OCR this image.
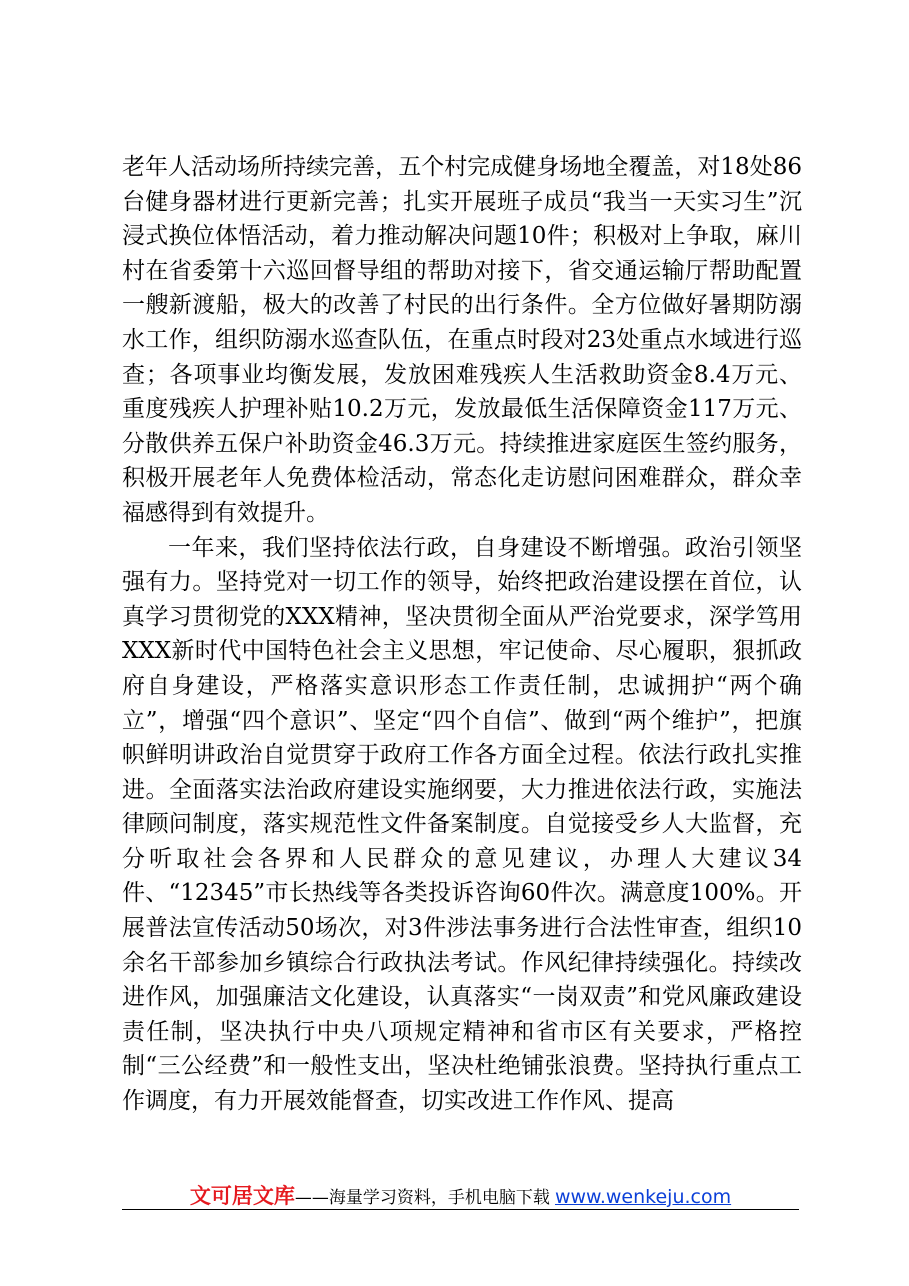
老年人活动场所持续完善，五个村完成健身场地全覆盖，对18处86台健身器材进行更新完善；扎实开展班子成员“我当一天实习生”沉浸式换位体悟活动，着力推动解决问题10件；积极对上争取，麻川村在省委第十六巡回督导组的帮助对接下，省交通运输厅帮助配置一艘新渡船，极大的改善了村民的出行条件。全方位做好暑期防溺水工作，组织防溺水巡查队伍，在重点时段对23处重点水域进行巡查；各项事业均衡发展，发放困难残疾人生活救助资金8.4万元、重度残疾人护理补贴10.2万元，发放最低生活保障资金117万元、分散供养五保户补助资金46.3万元。持续推进家庭医生签约服务，积极开展老年人免费体检活动，常态化走访慰问困难群众，群众幸福感得到有效提升。

一年来，我们坚持依法行政，自身建设不断增强。政治引领坚强有力。坚持党对一切工作的领导，始终把政治建设摆在首位，认真学习贯彻党的XXX精神，坚决贯彻全面从严治党要求，深学笃用XXX新时代中国特色社会主义思想，牢记使命、尽心履职，狠抓政府自身建设，严格落实意识形态工作责任制，忠诚拥护“两个确立”，增强“四个意识”、坚定“四个自信”、做到“两个维护”，把旗帜鲜明讲政治自觉贯穿于政府工作各方面全过程。依法行政扎实推进。全面落实法治政府建设实施纲要，大力推进依法行政，实施法律顾问制度，落实规范性文件备案制度。自觉接受乡人大监督，充分听取社会各界和人民群众的意见建议，办理人大建议34件、“12345”市长热线等各类投诉咨询60件次。满意度100%。开展普法宣传活动50场次，对3件涉法事务进行合法性审查，组织10余名干部参加乡镇综合行政执法考试。作风纪律持续强化。持续改进作风，加强廉洁文化建设，认真落实“一岗双责”和党风廉政建设责任制，坚决执行中央八项规定精神和省市区有关要求，严格控制“三公经费”和一般性支出，坚决杜绝铺张浪费。坚持执行重点工作调度，有力开展效能督查，切实改进工作作风、提高

文可居文库——海量学习资料，手机电脑下载 www.wenkeju.com
